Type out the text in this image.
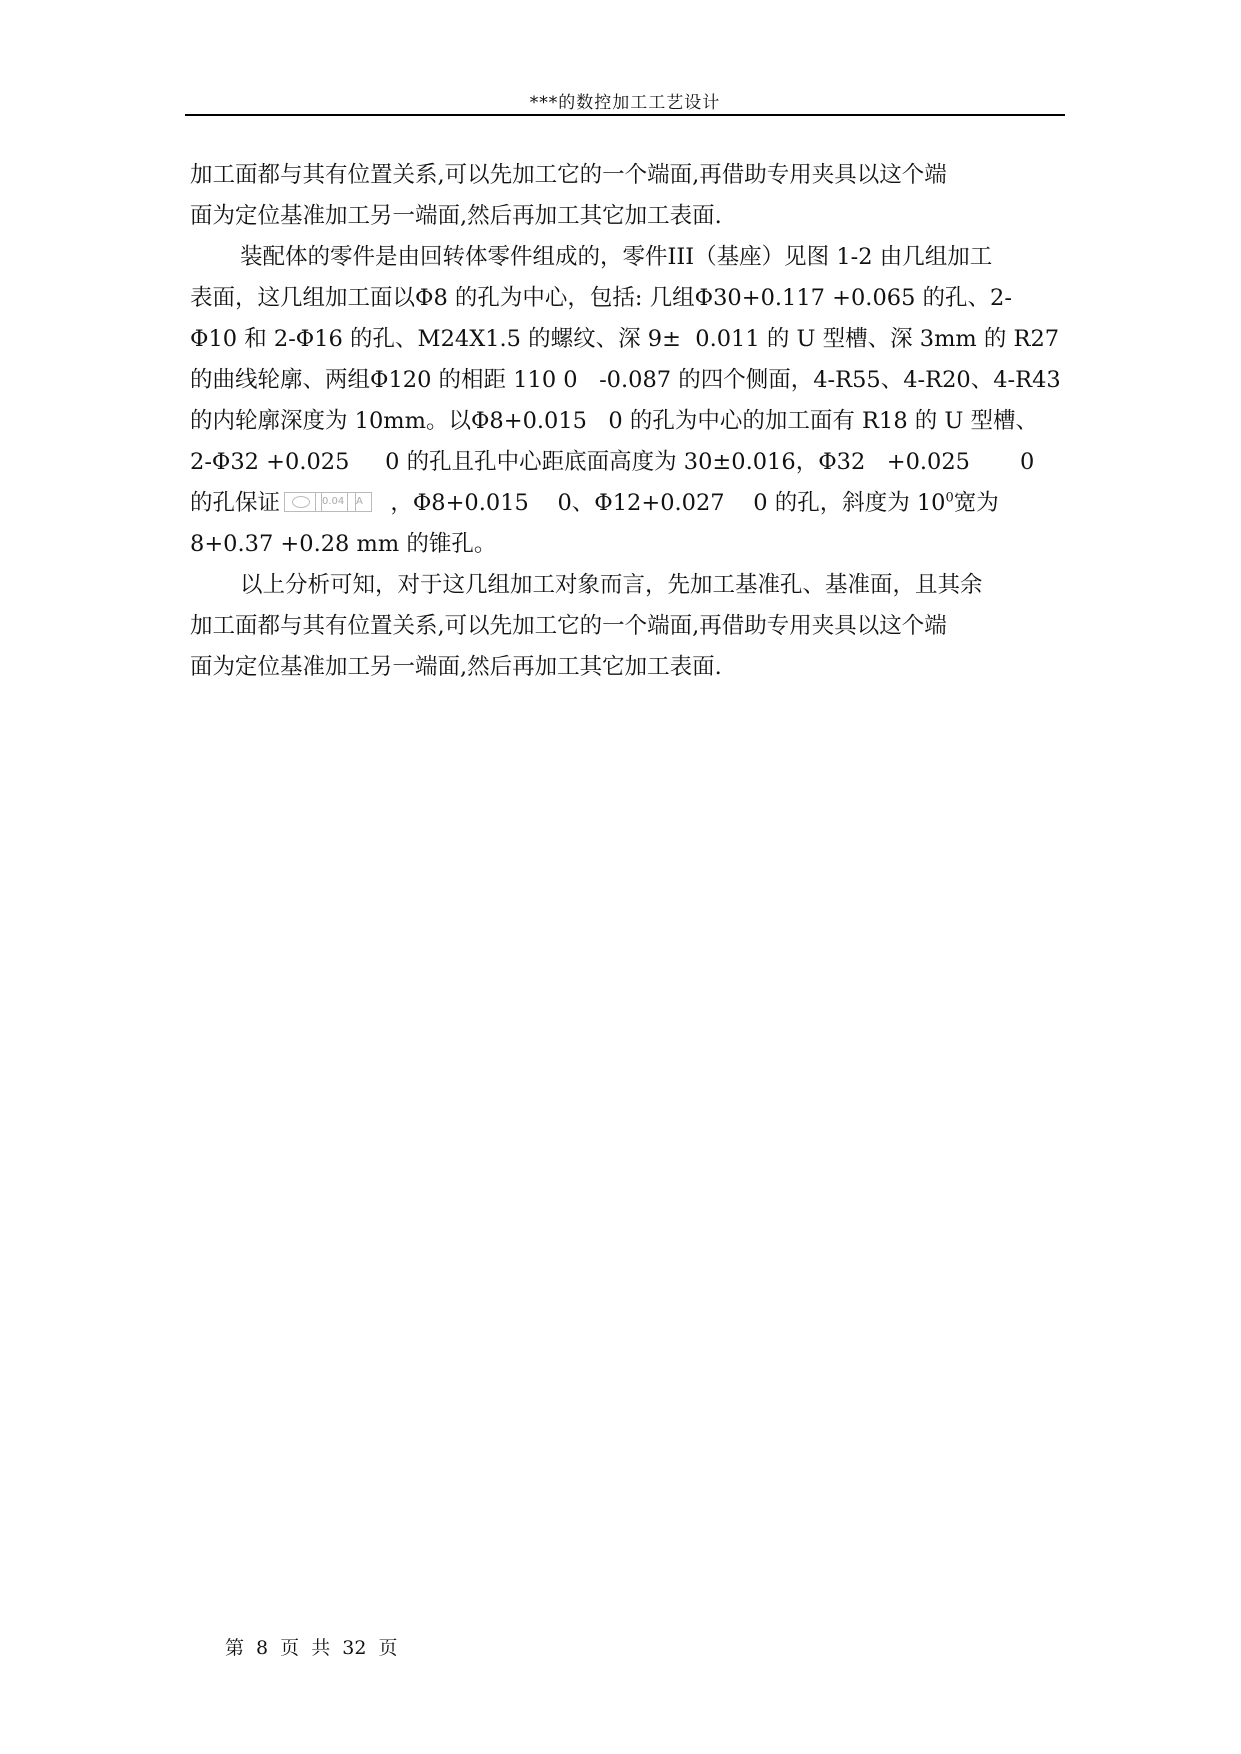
***的数控加工工艺设计
加工面都与其有位置关系,可以先加工它的一个端面,再借助专用夹具以这个端
面为定位基准加工另一端面,然后再加工其它加工表面.
装配体的零件是由回转体零件组成的，零件III（基座）见图 1-2 由几组加工
表面，这几组加工面以Φ8 的孔为中心，包括: 几组Φ30+0.117 +0.065 的孔、2-
Φ10 和 2-Φ16 的孔、M24X1.5 的螺纹、深 9±  0.011 的 U 型槽、深 3mm 的 R27
的曲线轮廓、两组Φ120 的相距 110 0   -0.087 的四个侧面，4-R55、4-R20、4-R43
的内轮廓深度为 10mm。以Φ8+0.015   0 的孔为中心的加工面有 R18 的 U 型槽、
2-Φ32 +0.025     0 的孔且孔中心距底面高度为 30±0.016，Φ32   +0.025       0
的孔保证	0.04 A ，Φ8+0.015    0、Φ12+0.027    0 的孔，斜度为 $10^0$宽为
8+0.37 +0.28 mm 的锥孔。
以上分析可知，对于这几组加工对象而言，先加工基准孔、基准面，且其余
加工面都与其有位置关系,可以先加工它的一个端面,再借助专用夹具以这个端
面为定位基准加工另一端面,然后再加工其它加工表面.
第 8 页 共 32 页
